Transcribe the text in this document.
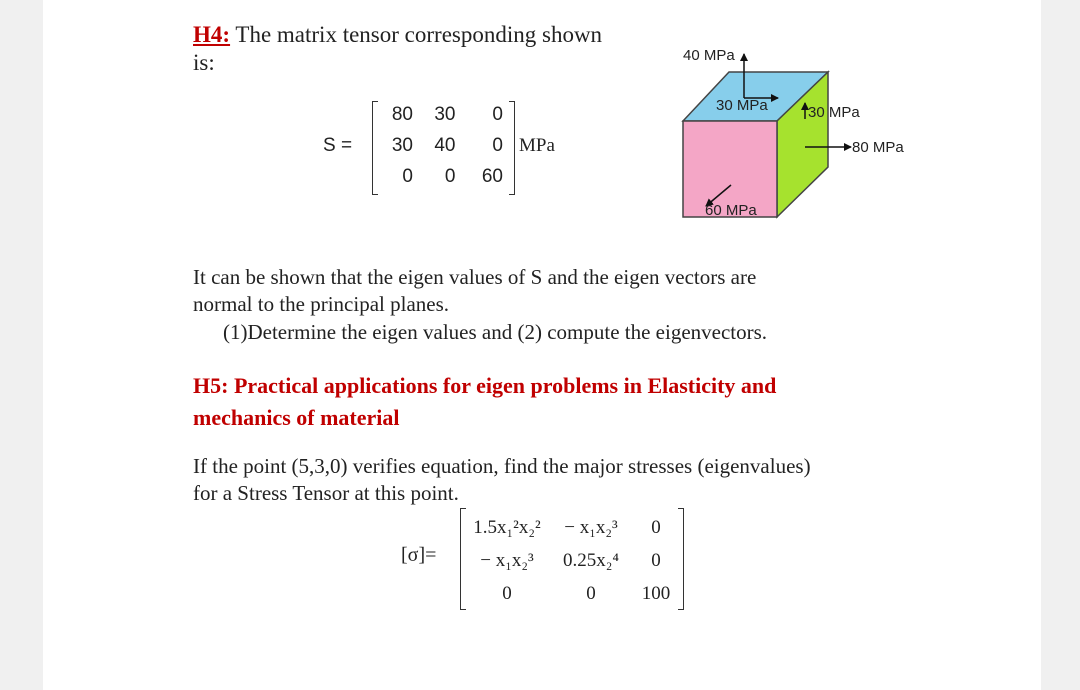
H4: The matrix tensor corresponding shown
is:
S =
80	30	0
30	40	0
0	0	60
MPa
40 MPa
30 MPa	30 MPa
80 MPa
60 MPa
It can be shown that the eigen values of S and the eigen vectors are
normal to the principal planes.
(1)Determine the eigen values and (2) compute the eigenvectors.
H5: Practical applications for eigen problems in Elasticity and
mechanics of material
If the point (5,3,0) verifies equation, find the major stresses (eigenvalues)
for a Stress Tensor at this point.
[σ]=
1.5x₁²x₂²	− x₁x₂³	0
− x₁x₂³	0.25x₂⁴	0
0	0	100
